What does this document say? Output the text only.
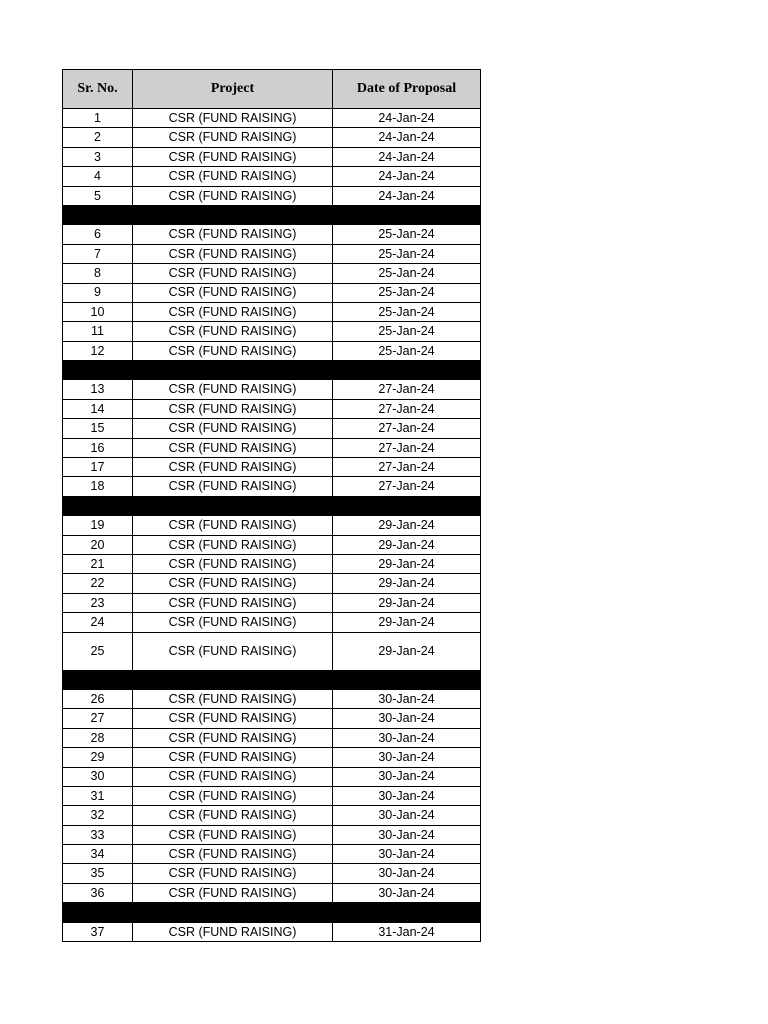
Sr. No.	Project	Date of Proposal
1	CSR (FUND RAISING)	24-Jan-24
2	CSR (FUND RAISING)	24-Jan-24
3	CSR (FUND RAISING)	24-Jan-24
4	CSR (FUND RAISING)	24-Jan-24
5	CSR (FUND RAISING)	24-Jan-24

6	CSR (FUND RAISING)	25-Jan-24
7	CSR (FUND RAISING)	25-Jan-24
8	CSR (FUND RAISING)	25-Jan-24
9	CSR (FUND RAISING)	25-Jan-24
10	CSR (FUND RAISING)	25-Jan-24
11	CSR (FUND RAISING)	25-Jan-24
12	CSR (FUND RAISING)	25-Jan-24

13	CSR (FUND RAISING)	27-Jan-24
14	CSR (FUND RAISING)	27-Jan-24
15	CSR (FUND RAISING)	27-Jan-24
16	CSR (FUND RAISING)	27-Jan-24
17	CSR (FUND RAISING)	27-Jan-24
18	CSR (FUND RAISING)	27-Jan-24

19	CSR (FUND RAISING)	29-Jan-24
20	CSR (FUND RAISING)	29-Jan-24
21	CSR (FUND RAISING)	29-Jan-24
22	CSR (FUND RAISING)	29-Jan-24
23	CSR (FUND RAISING)	29-Jan-24
24	CSR (FUND RAISING)	29-Jan-24
25	CSR (FUND RAISING)	29-Jan-24

26	CSR (FUND RAISING)	30-Jan-24
27	CSR (FUND RAISING)	30-Jan-24
28	CSR (FUND RAISING)	30-Jan-24
29	CSR (FUND RAISING)	30-Jan-24
30	CSR (FUND RAISING)	30-Jan-24
31	CSR (FUND RAISING)	30-Jan-24
32	CSR (FUND RAISING)	30-Jan-24
33	CSR (FUND RAISING)	30-Jan-24
34	CSR (FUND RAISING)	30-Jan-24
35	CSR (FUND RAISING)	30-Jan-24
36	CSR (FUND RAISING)	30-Jan-24

37	CSR (FUND RAISING)	31-Jan-24
